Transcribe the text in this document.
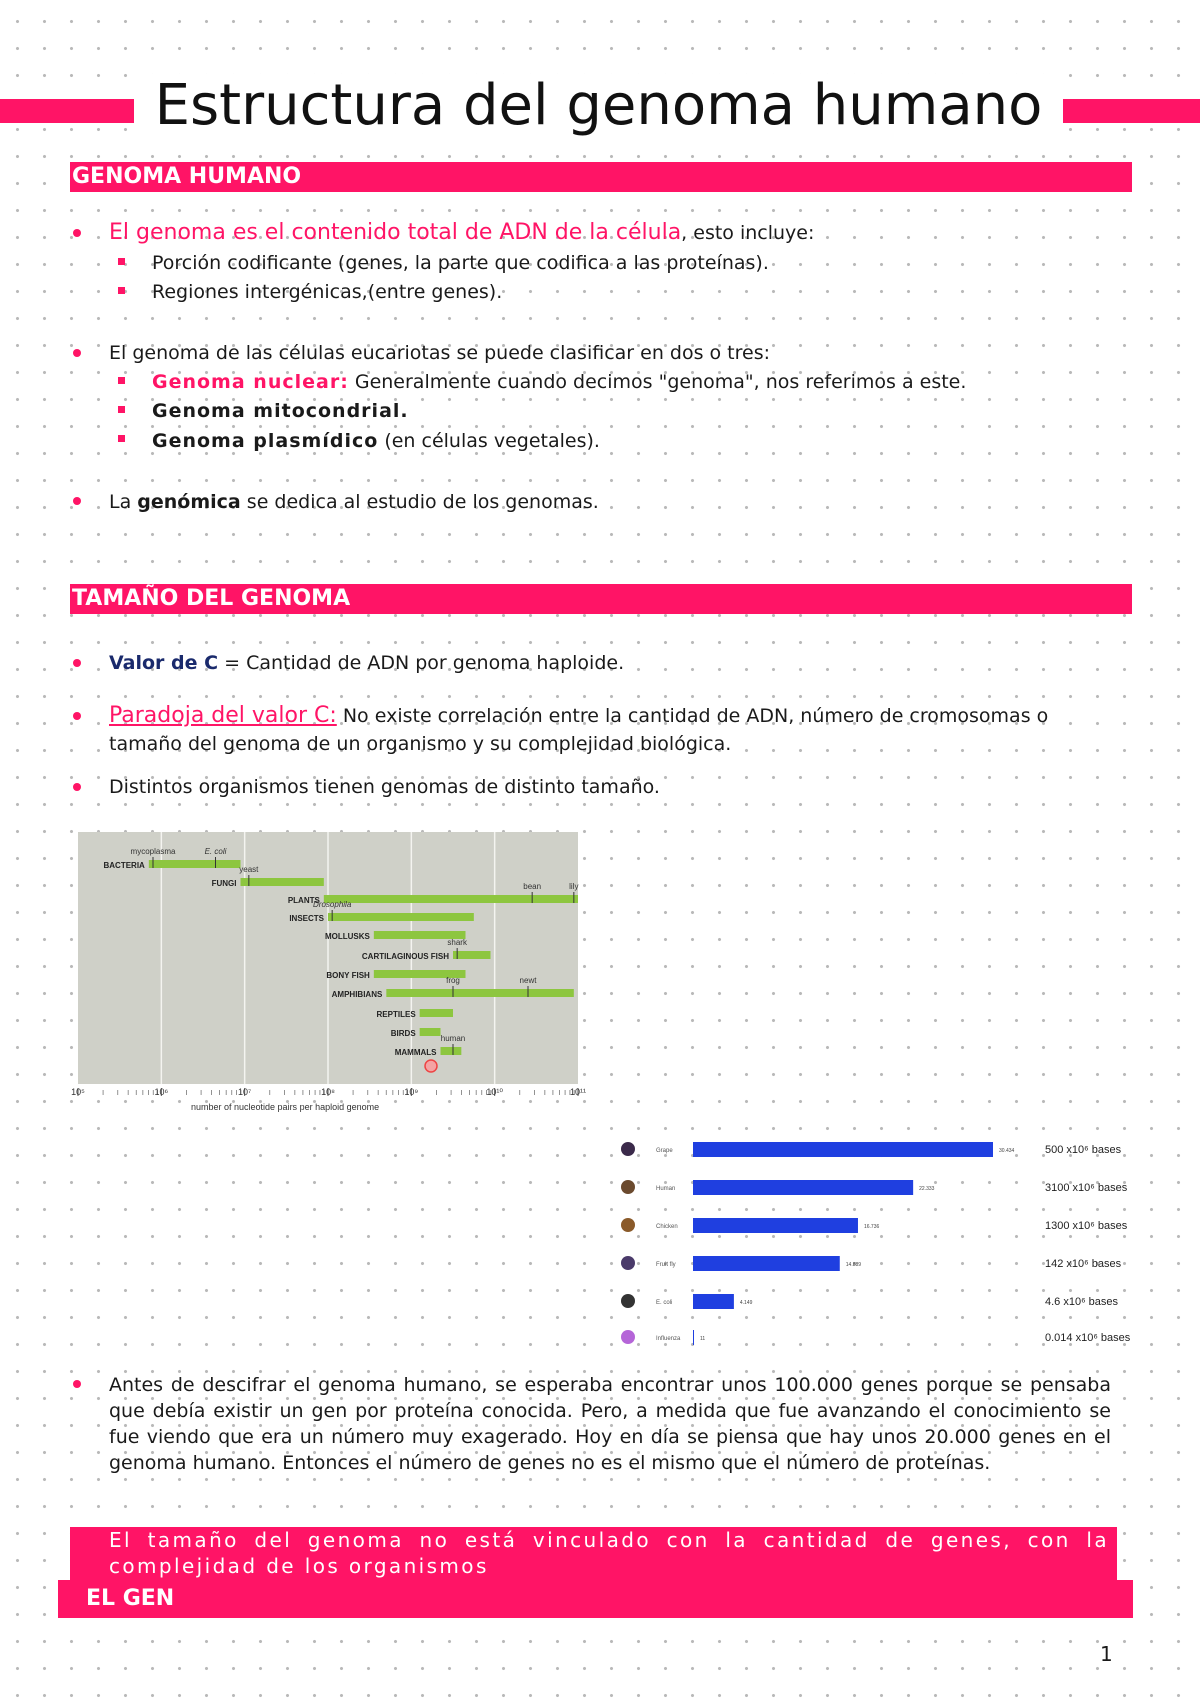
Estructura del genoma humano
GENOMA HUMANO
El genoma es el contenido total de ADN de la célula, esto incluye:
Porción codificante (genes, la parte que codifica a las proteínas).
Regiones intergénicas,(entre genes).
El genoma de las células eucariotas se puede clasificar en dos o tres:
Genoma nuclear: Generalmente cuando decimos "genoma", nos referimos a este.
Genoma mitocondrial.
Genoma plasmídico (en células vegetales).
La genómica se dedica al estudio de los genomas.
TAMAÑO DEL GENOMA
Valor de C = Cantidad de ADN por genoma haploide.
Paradoja del valor C: No existe correlación entre la cantidad de ADN, número de cromosomas o
tamaño del genoma de un organismo y su complejidad biológica.
Distintos organismos tienen genomas de distinto tamaño.
BACTERIA
mycoplasma	E. coli
FUNGI
yeast
PLANTS
bean	lily
INSECTS
Drosophila
MOLLUSKS
CARTILAGINOUS FISH
shark
BONY FISH
AMPHIBIANS
frog	newt
REPTILES
BIRDS
MAMMALS
human
10⁵	10⁶	10⁷	10⁸	10⁹	10¹⁰	10¹¹
number of nucleotide pairs per haploid genome
Grape	30.434	500 x10⁶ bases
Human	22.333	3100 x10⁶ bases
Chicken	16.736	1300 x10⁶ bases
Fruit fly	14.889	142 x10⁶ bases
E. coli	4.149	4.6 x10⁶ bases
Influenza	11	0.014 x10⁶ bases
Antes de descifrar el genoma humano, se esperaba encontrar unos 100.000 genes porque se pensaba que debía existir un gen por proteína conocida. Pero, a medida que fue avanzando el conocimiento se fue viendo que era un número muy exagerado. Hoy en día se piensa que hay unos 20.000 genes en el genoma humano. Entonces el número de genes no es el mismo que el número de proteínas.
El tamaño del genoma no está vinculado con la cantidad de genes, con la complejidad de los organismos
EL GEN
1
